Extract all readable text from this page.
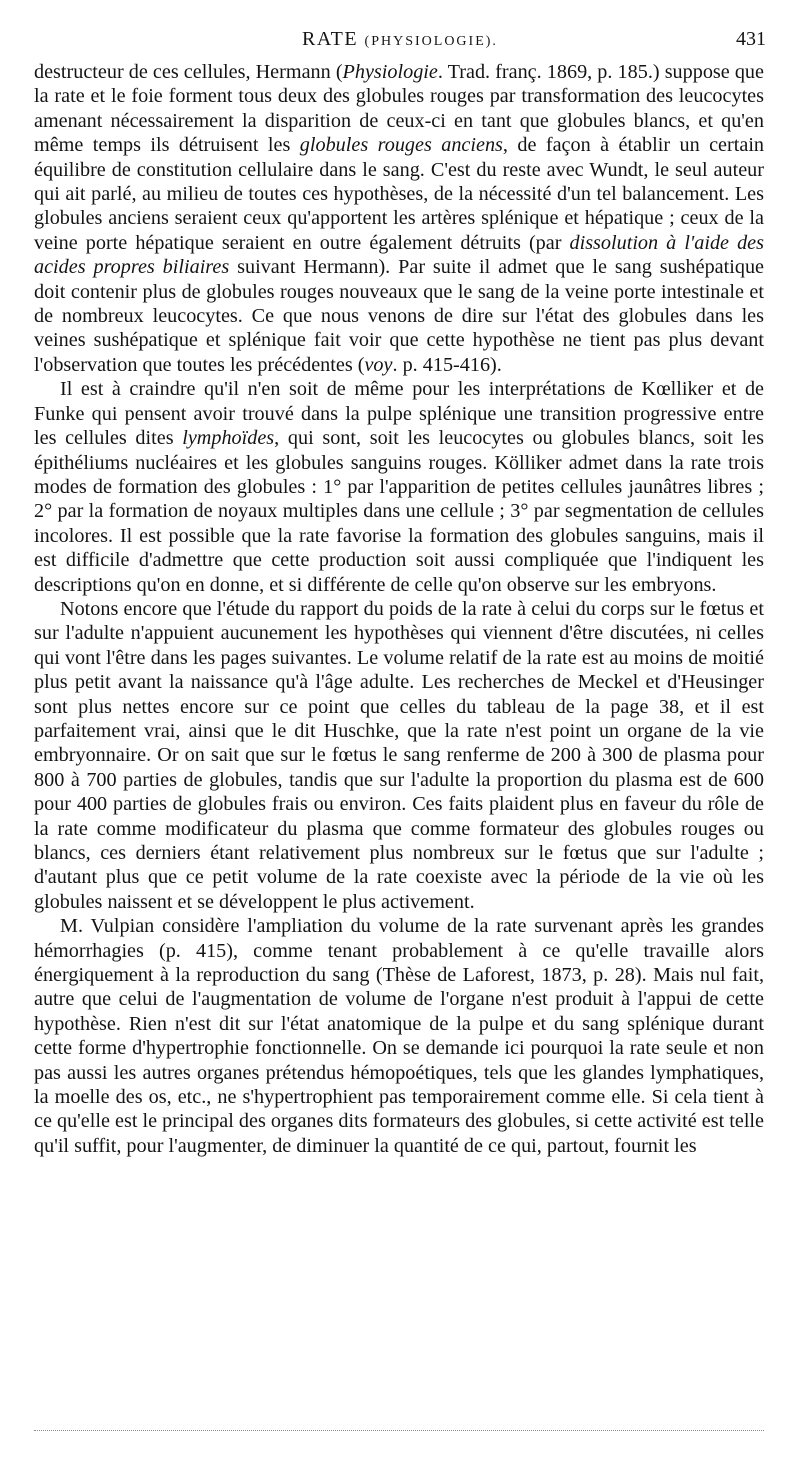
RATE (PHYSIOLOGIE).	431

destructeur de ces cellules, Hermann (Physiologie. Trad. franç. 1869, p. 185.) suppose que la rate et le foie forment tous deux des globules rouges par transformation des leucocytes amenant nécessairement la disparition de ceux-ci en tant que globules blancs, et qu'en même temps ils détruisent les globules rouges anciens, de façon à établir un certain équilibre de constitution cellulaire dans le sang. C'est du reste avec Wundt, le seul auteur qui ait parlé, au milieu de toutes ces hypothèses, de la nécessité d'un tel balancement. Les globules anciens seraient ceux qu'apportent les artères splénique et hépatique ; ceux de la veine porte hépatique seraient en outre également détruits (par dissolution à l'aide des acides propres biliaires suivant Hermann). Par suite il admet que le sang sushépatique doit contenir plus de globules rouges nouveaux que le sang de la veine porte intestinale et de nombreux leucocytes. Ce que nous venons de dire sur l'état des globules dans les veines sushépatique et splénique fait voir que cette hypothèse ne tient pas plus devant l'observation que toutes les précédentes (voy. p. 415-416).

Il est à craindre qu'il n'en soit de même pour les interprétations de Kœlliker et de Funke qui pensent avoir trouvé dans la pulpe splénique une transition progressive entre les cellules dites lymphoïdes, qui sont, soit les leucocytes ou globules blancs, soit les épithéliums nucléaires et les globules sanguins rouges. Kölliker admet dans la rate trois modes de formation des globules : 1° par l'apparition de petites cellules jaunâtres libres ; 2° par la formation de noyaux multiples dans une cellule ; 3° par segmentation de cellules incolores. Il est possible que la rate favorise la formation des globules sanguins, mais il est difficile d'admettre que cette production soit aussi compliquée que l'indiquent les descriptions qu'on en donne, et si différente de celle qu'on observe sur les embryons.

Notons encore que l'étude du rapport du poids de la rate à celui du corps sur le fœtus et sur l'adulte n'appuient aucunement les hypothèses qui viennent d'être discutées, ni celles qui vont l'être dans les pages suivantes. Le volume relatif de la rate est au moins de moitié plus petit avant la naissance qu'à l'âge adulte. Les recherches de Meckel et d'Heusinger sont plus nettes encore sur ce point que celles du tableau de la page 38, et il est parfaitement vrai, ainsi que le dit Huschke, que la rate n'est point un organe de la vie embryonnaire. Or on sait que sur le fœtus le sang renferme de 200 à 300 de plasma pour 800 à 700 parties de globules, tandis que sur l'adulte la proportion du plasma est de 600 pour 400 parties de globules frais ou environ. Ces faits plaident plus en faveur du rôle de la rate comme modificateur du plasma que comme formateur des globules rouges ou blancs, ces derniers étant relativement plus nombreux sur le fœtus que sur l'adulte ; d'autant plus que ce petit volume de la rate coexiste avec la période de la vie où les globules naissent et se développent le plus activement.

M. Vulpian considère l'ampliation du volume de la rate survenant après les grandes hémorrhagies (p. 415), comme tenant probablement à ce qu'elle travaille alors énergiquement à la reproduction du sang (Thèse de Laforest, 1873, p. 28). Mais nul fait, autre que celui de l'augmentation de volume de l'organe n'est produit à l'appui de cette hypothèse. Rien n'est dit sur l'état anatomique de la pulpe et du sang splénique durant cette forme d'hypertrophie fonctionnelle. On se demande ici pourquoi la rate seule et non pas aussi les autres organes prétendus hémopoétiques, tels que les glandes lymphatiques, la moelle des os, etc., ne s'hypertrophient pas temporairement comme elle. Si cela tient à ce qu'elle est le principal des organes dits formateurs des globules, si cette activité est telle qu'il suffit, pour l'augmenter, de diminuer la quantité de ce qui, partout, fournit les
